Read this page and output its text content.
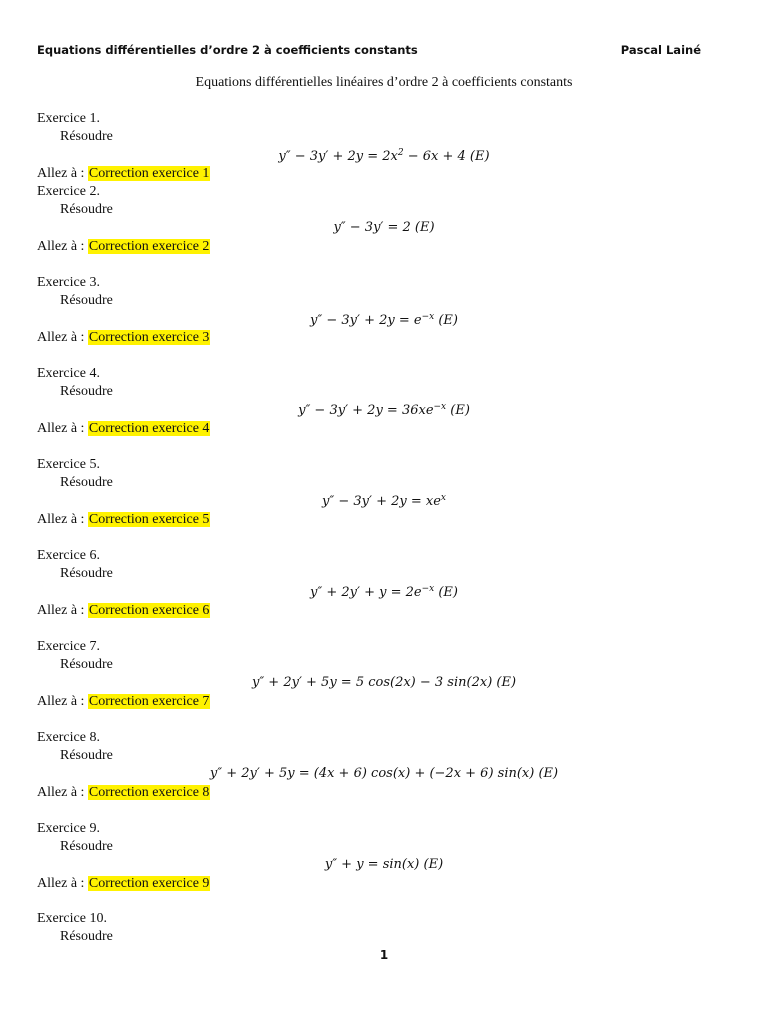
Equations différentielles d’ordre 2 à coefficients constants	Pascal Lainé
Equations différentielles linéaires d’ordre 2 à coefficients constants
Exercice 1.
Résoudre
$y'' - 3y' + 2y = 2x^2 - 6x + 4$ (E)
Allez à : Correction exercice 1
Exercice 2.
Résoudre
y″ − 3y′ = 2 (E)
Allez à : Correction exercice 2
Exercice 3.
Résoudre
$y'' - 3y' + 2y = e^{-x}$ (E)
Allez à : Correction exercice 3
Exercice 4.
Résoudre
$y'' - 3y' + 2y = 36xe^{-x}$ (E)
Allez à : Correction exercice 4
Exercice 5.
Résoudre
$y'' - 3y' + 2y = xe^x$
Allez à : Correction exercice 5
Exercice 6.
Résoudre
$y'' + 2y' + y = 2e^{-x}$ (E)
Allez à : Correction exercice 6
Exercice 7.
Résoudre
y″ + 2y′ + 5y = 5 cos(2x) − 3 sin(2x) (E)
Allez à : Correction exercice 7
Exercice 8.
Résoudre
y″ + 2y′ + 5y = (4x + 6) cos(x) + (−2x + 6) sin(x) (E)
Allez à : Correction exercice 8
Exercice 9.
Résoudre
y″ + y = sin(x) (E)
Allez à : Correction exercice 9
Exercice 10.
Résoudre
1
